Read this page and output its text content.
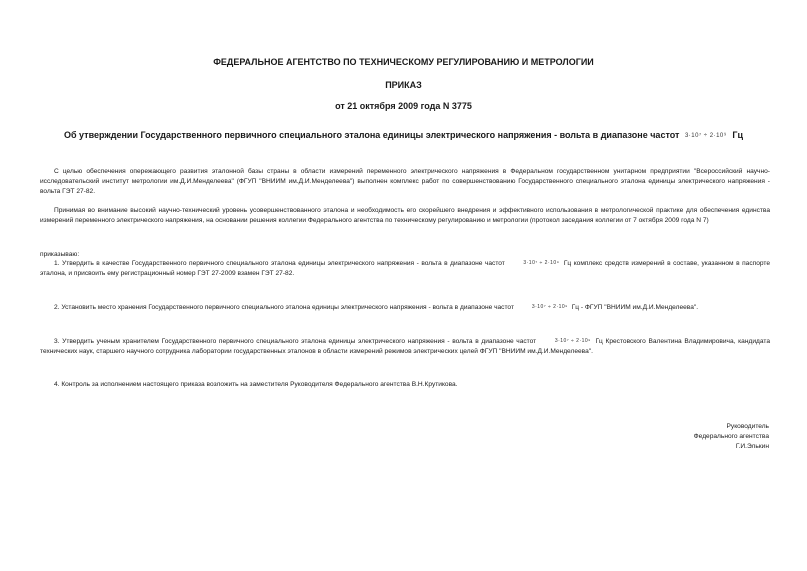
ФЕДЕРАЛЬНОЕ АГЕНТСТВО ПО ТЕХНИЧЕСКОМУ РЕГУЛИРОВАНИЮ И МЕТРОЛОГИИ
ПРИКАЗ
от 21 октября 2009 года N 3775
Об утверждении Государственного первичного специального эталона единицы электрического напряжения - вольта в диапазоне частот 3·10⁷ ÷ 2·10⁹ Гц

С целью обеспечения опережающего развития эталонной базы страны в области измерений переменного электрического напряжения в Федеральном государственном унитарном предприятии "Всероссийский научно-исследовательский институт метрологии им.Д.И.Менделеева" (ФГУП "ВНИИМ им.Д.И.Менделеева") выполнен комплекс работ по совершенствованию Государственного специального эталона единицы электрического напряжения - вольта ГЭТ 27-82.

Принимая во внимание высокий научно-технический уровень усовершенствованного эталона и необходимость его скорейшего внедрения и эффективного использования в метрологической практике для обеспечения единства измерений переменного электрического напряжения, на основании решения коллегии Федерального агентства по техническому регулированию и метрологии (протокол заседания коллегии от 7 октября 2009 года N 7)

приказываю:

1. Утвердить в качестве Государственного первичного специального эталона единицы электрического напряжения - вольта в диапазоне частот	3·10⁷ ÷ 2·10⁹ Гц комплекс средств измерений в составе, указанном в паспорте эталона, и присвоить ему регистрационный номер ГЭТ 27-2009 взамен ГЭТ 27-82.

2. Установить место хранения Государственного первичного специального эталона единицы электрического напряжения - вольта в диапазоне частот	3·10⁷ ÷ 2·10⁹ Гц - ФГУП "ВНИИМ им.Д.И.Менделеева".

3. Утвердить ученым хранителем Государственного первичного специального эталона единицы электрического напряжения - вольта в диапазоне частот	3·10⁷ ÷ 2·10⁹ Гц Крестовского Валентина Владимировича, кандидата технических наук, старшего научного сотрудника лаборатории государственных эталонов в области измерений режимов электрических целей ФГУП "ВНИИМ им.Д.И.Менделеева".

4. Контроль за исполнением настоящего приказа возложить на заместителя Руководителя Федерального агентства В.Н.Крутикова.

Руководитель
Федерального агентства
Г.И.Элькин
